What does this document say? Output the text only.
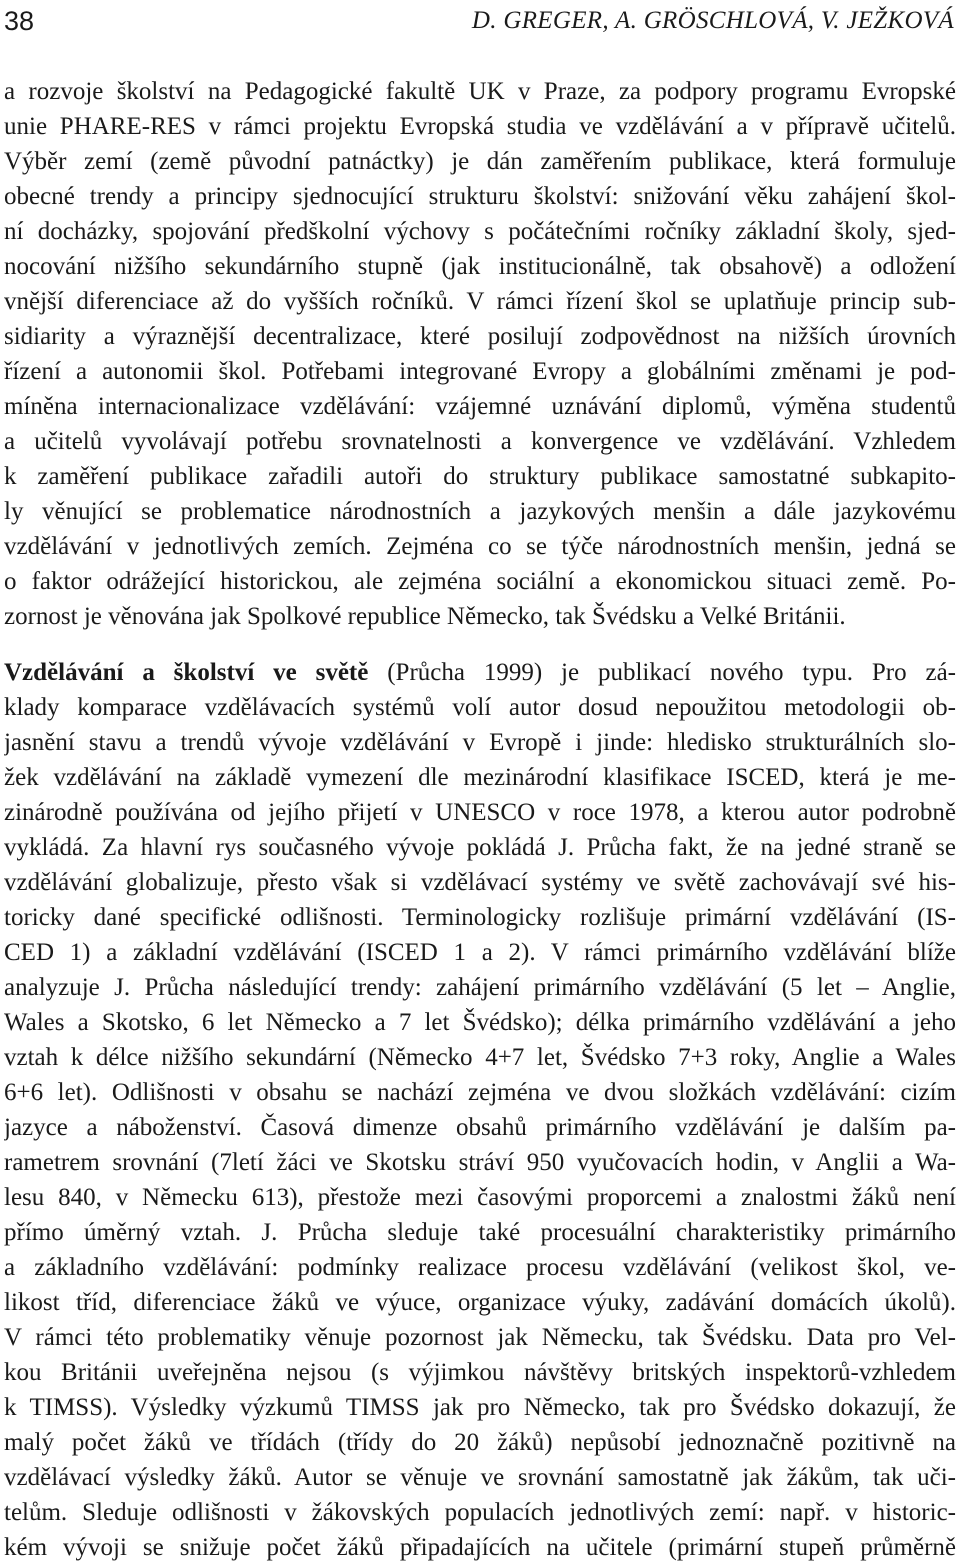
38	D. GREGER, A. GRÖSCHLOVÁ, V. JEŽKOVÁ
a rozvoje školství na Pedagogické fakultě UK v Praze, za podpory programu Evropské
unie PHARE-RES v rámci projektu Evropská studia ve vzdělávání a v přípravě učitelů.
Výběr zemí (země původní patnáctky) je dán zaměřením publikace, která formuluje
obecné trendy a principy sjednocující strukturu školství: snižování věku zahájení škol-
ní docházky, spojování předškolní výchovy s počátečními ročníky základní školy, sjed-
nocování nižšího sekundárního stupně (jak institucionálně, tak obsahově) a odložení
vnější diferenciace až do vyšších ročníků. V rámci řízení škol se uplatňuje princip sub-
sidiarity a výraznější decentralizace, které posilují zodpovědnost na nižších úrovních
řízení a autonomii škol. Potřebami integrované Evropy a globálními změnami je pod-
míněna internacionalizace vzdělávání: vzájemné uznávání diplomů, výměna studentů
a učitelů vyvolávají potřebu srovnatelnosti a konvergence ve vzdělávání. Vzhledem
k zaměření publikace zařadili autoři do struktury publikace samostatné subkapito-
ly věnující se problematice národnostních a jazykových menšin a dále jazykovému
vzdělávání v jednotlivých zemích. Zejména co se týče národnostních menšin, jedná se
o faktor odrážející historickou, ale zejména sociální a ekonomickou situaci země. Po-
zornost je věnována jak Spolkové republice Německo, tak Švédsku a Velké Británii.
Vzdělávání a školství ve světě (Průcha 1999) je publikací nového typu. Pro zá-
klady komparace vzdělávacích systémů volí autor dosud nepoužitou metodologii ob-
jasnění stavu a trendů vývoje vzdělávání v Evropě i jinde: hledisko strukturálních slo-
žek vzdělávání na základě vymezení dle mezinárodní klasifikace ISCED, která je me-
zinárodně používána od jejího přijetí v UNESCO v roce 1978, a kterou autor podrobně
vykládá. Za hlavní rys současného vývoje pokládá J. Průcha fakt, že na jedné straně se
vzdělávání globalizuje, přesto však si vzdělávací systémy ve světě zachovávají své his-
toricky dané specifické odlišnosti. Terminologicky rozlišuje primární vzdělávání (IS-
CED 1) a základní vzdělávání (ISCED 1 a 2). V rámci primárního vzdělávání blíže
analyzuje J. Průcha následující trendy: zahájení primárního vzdělávání (5 let – Anglie,
Wales a Skotsko, 6 let Německo a 7 let Švédsko); délka primárního vzdělávání a jeho
vztah k délce nižšího sekundární (Německo 4+7 let, Švédsko 7+3 roky, Anglie a Wales
6+6 let). Odlišnosti v obsahu se nachází zejména ve dvou složkách vzdělávání: cizím
jazyce a náboženství. Časová dimenze obsahů primárního vzdělávání je dalším pa-
rametrem srovnání (7letí žáci ve Skotsku stráví 950 vyučovacích hodin, v Anglii a Wa-
lesu 840, v Německu 613), přestože mezi časovými proporcemi a znalostmi žáků není
přímo úměrný vztah. J. Průcha sleduje také procesuální charakteristiky primárního
a základního vzdělávání: podmínky realizace procesu vzdělávání (velikost škol, ve-
likost tříd, diferenciace žáků ve výuce, organizace výuky, zadávání domácích úkolů).
V rámci této problematiky věnuje pozornost jak Německu, tak Švédsku. Data pro Vel-
kou Británii uveřejněna nejsou (s výjimkou návštěvy britských inspektorů-vzhledem
k TIMSS). Výsledky výzkumů TIMSS jak pro Německo, tak pro Švédsko dokazují, že
malý počet žáků ve třídách (třídy do 20 žáků) nepůsobí jednoznačně pozitivně na
vzdělávací výsledky žáků. Autor se věnuje ve srovnání samostatně jak žákům, tak uči-
telům. Sleduje odlišnosti v žákovských populacích jednotlivých zemí: např. v historic-
kém vývoji se snižuje počet žáků připadajících na učitele (primární stupeň průměrně
